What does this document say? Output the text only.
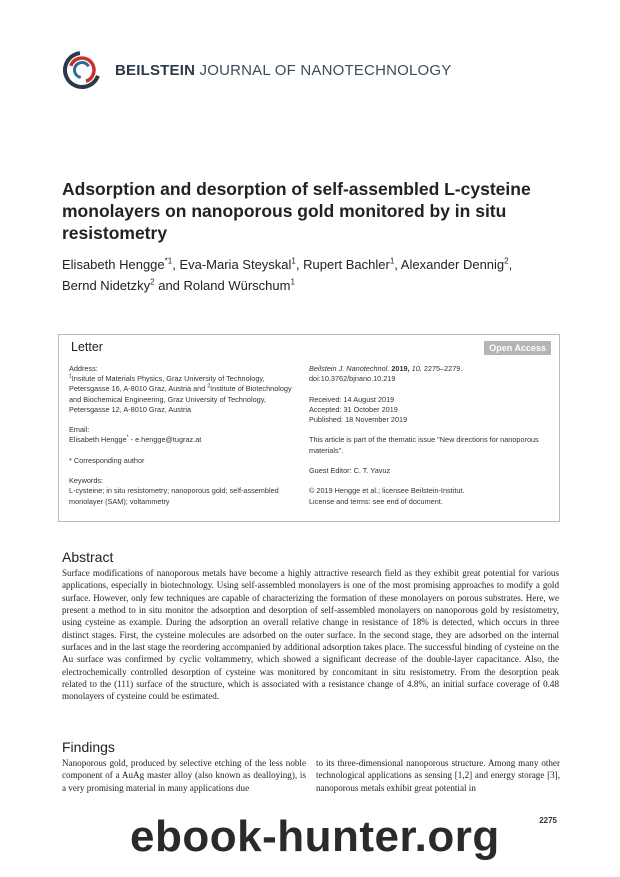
BEILSTEIN JOURNAL OF NANOTECHNOLOGY
Adsorption and desorption of self-assembled L-cysteine monolayers on nanoporous gold monitored by in situ resistometry
Elisabeth Hengge$^{*1}$, Eva-Maria Steyskal$^1$, Rupert Bachler$^1$, Alexander Dennig$^2$,
Bernd Nidetzky$^2$ and Roland Würschum$^1$
Letter	Open Access

Address:

$^1$Insitute of Materials Physics, Graz University of Technology, Petersgasse 16, A-8010 Graz, Austria and $^2$Institute of Biotechnology and Biochemical Engineering, Graz University of Technology, Petersgasse 12, A-8010 Graz, Austria

Email:

Elisabeth Hengge* - e.hengge@tugraz.at

* Corresponding author

Keywords:

L-cysteine; in situ resistometry; nanoporous gold; self-assembled monolayer (SAM); voltammetry

Beilstein J. Nanotechnol. 2019, 10, 2275–2279.

doi:10.3762/bjnano.10.219

Received: 14 August 2019

Accepted: 31 October 2019

Published: 18 November 2019

This article is part of the thematic issue "New directions for nanoporous materials".

Guest Editor: C. T. Yavuz

© 2019 Hengge et al.; licensee Beilstein-Institut.

License and terms: see end of document.

Abstract
Surface modifications of nanoporous metals have become a highly attractive research field as they exhibit great potential for various applications, especially in biotechnology. Using self-assembled monolayers is one of the most promising approaches to modify a gold surface. However, only few techniques are capable of characterizing the formation of these monolayers on porous substrates. Here, we present a method to in situ monitor the adsorption and desorption of self-assembled monolayers on nanoporous gold by resistometry, using cysteine as example. During the adsorption an overall relative change in resistance of 18% is detected, which occurs in three distinct stages. First, the cysteine molecules are adsorbed on the outer surface. In the second stage, they are adsorbed on the internal surfaces and in the last stage the reordering accompanied by additional adsorption takes place. The successful binding of cysteine on the Au surface was confirmed by cyclic voltammetry, which showed a significant decrease of the double-layer capacitance. Also, the electrochemically controlled desorption of cysteine was monitored by concomitant in situ resistometry. From the desorption peak related to the (111) surface of the structure, which is associated with a resistance change of 4.8%, an initial surface coverage of 0.48 monolayers of cysteine could be estimated.
Findings
Nanoporous gold, produced by selective etching of the less noble component of a AuAg master alloy (also known as dealloying), is a very promising material in many applications due
to its three-dimensional nanoporous structure. Among many other technological applications as sensing [1,2] and energy storage [3], nanoporous metals exhibit great potential in
2275
ebook-hunter.org
